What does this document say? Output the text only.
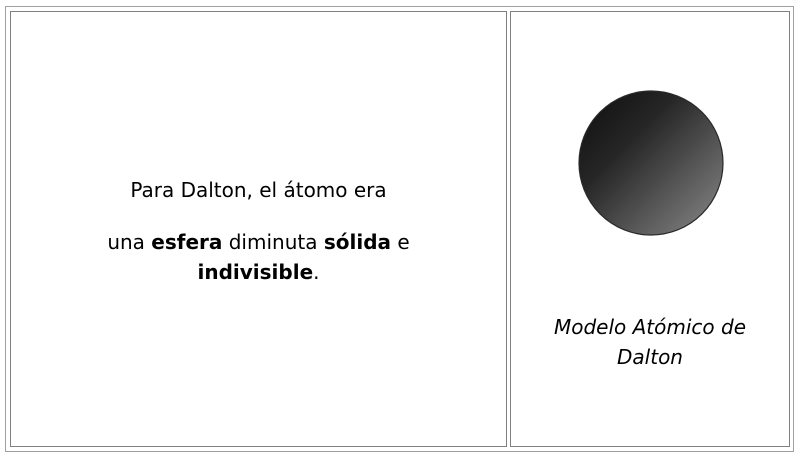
Para Dalton, el átomo era
una esfera diminuta sólida e
indivisible.
Modelo Atómico de
Dalton
